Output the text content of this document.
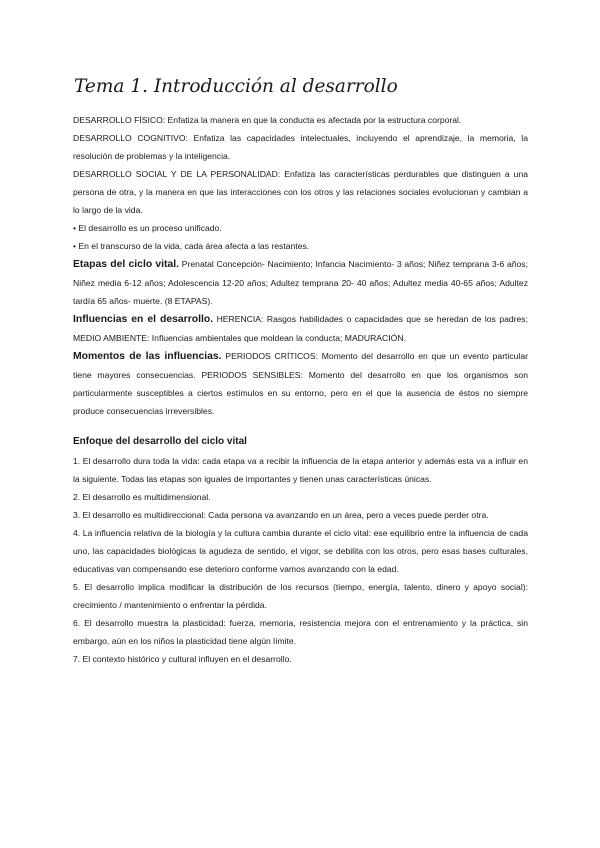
Tema 1. Introducción al desarrollo

DESARROLLO FÍSICO: Enfatiza la manera en que la conducta es afectada por la estructura corporal.

DESARROLLO COGNITIVO: Enfatiza las capacidades intelectuales, incluyendo el aprendizaje, la memoria, la resolución de problemas y la inteligencia.

DESARROLLO SOCIAL Y DE LA PERSONALIDAD: Enfatiza las características perdurables que distinguen a una persona de otra, y la manera en que las interacciones con los otros y las relaciones sociales evolucionan y cambian a lo largo de la vida.

• El desarrollo es un proceso unificado.

• En el transcurso de la vida, cada área afecta a las restantes.

Etapas del ciclo vital. Prenatal Concepción- Nacimiento; Infancia Nacimiento- 3 años; Niñez temprana 3-6 años; Niñez media 6-12 años; Adolescencia 12-20 años; Adultez temprana 20- 40 años; Adultez media 40-65 años; Adultez tardía 65 años- muerte. (8 ETAPAS).

Influencias en el desarrollo. HERENCIA: Rasgos habilidades o capacidades que se heredan de los padres; MEDIO AMBIENTE: Influencias ambientales que moldean la conducta; MADURACIÓN.

Momentos de las influencias. PERIODOS CRÍTICOS: Momento del desarrollo en que un evento particular tiene mayores consecuencias. PERIODOS SENSIBLES: Momento del desarrollo en que los organismos son particularmente susceptibles a ciertos estímulos en su entorno, pero en el que la ausencia de éstos no siempre produce consecuencias irreversibles.

Enfoque del desarrollo del ciclo vital

1. El desarrollo dura toda la vida: cada etapa va a recibir la influencia de la etapa anterior y además esta va a influir en la siguiente. Todas las etapas son iguales de importantes y tienen unas características únicas.

2. El desarrollo es multidimensional.

3. El desarrollo es multidireccional: Cada persona va avanzando en un área, pero a veces puede perder otra.

4. La influencia relativa de la biología y la cultura cambia durante el ciclo vital: ese equilibrio entre la influencia de cada uno, las capacidades biológicas la agudeza de sentido, el vigor, se debilita con los otros, pero esas bases culturales, educativas van compensando ese deterioro conforme vamos avanzando con la edad.

5. El desarrollo implica modificar la distribución de los recursos (tiempo, energía, talento, dinero y apoyo social): crecimiento / mantenimiento o enfrentar la pérdida.

6. El desarrollo muestra la plasticidad: fuerza, memoria, resistencia mejora con el entrenamiento y la práctica, sin embargo, aún en los niños la plasticidad tiene algún límite.

7. El contexto histórico y cultural influyen en el desarrollo.
